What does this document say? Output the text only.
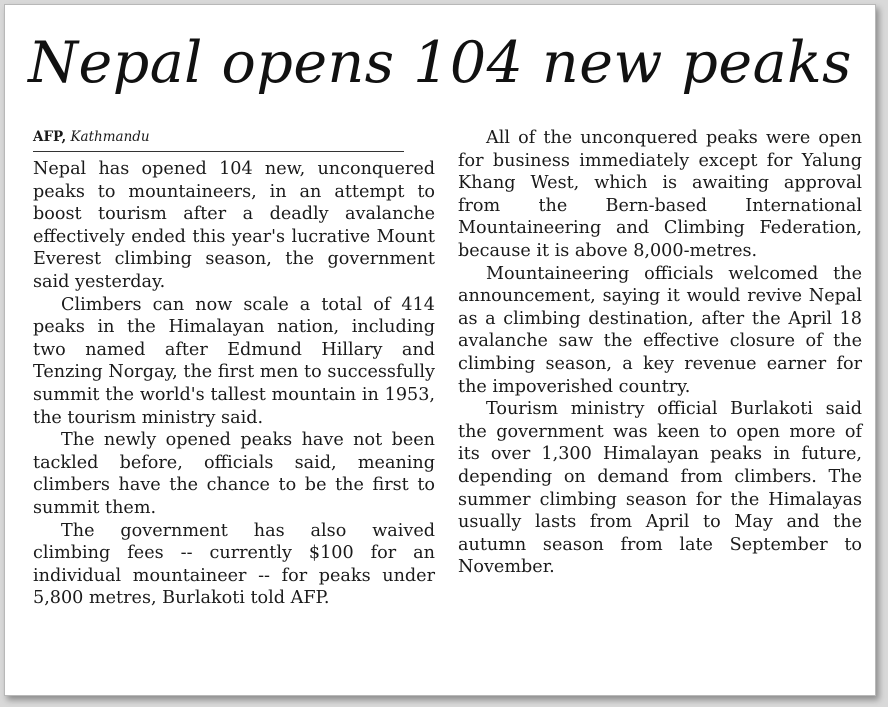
Nepal opens 104 new peaks
AFP, Kathmandu

Nepal has opened 104 new, unconquered peaks to mountaineers, in an attempt to boost tourism after a deadly avalanche effectively ended this year's lucrative Mount Everest climbing season, the government said yesterday.

Climbers can now scale a total of 414 peaks in the Himalayan nation, including two named after Edmund Hillary and Tenzing Norgay, the first men to successfully summit the world's tallest mountain in 1953, the tourism ministry said.

The newly opened peaks have not been tackled before, officials said, meaning climbers have the chance to be the first to summit them.

The government has also waived climbing fees -- currently $100 for an individual mountaineer -- for peaks under 5,800 metres, Burlakoti told AFP.

All of the unconquered peaks were open for business immediately except for Yalung Khang West, which is awaiting approval from the Bern-based International Mountaineering and Climbing Federation, because it is above 8,000-metres.

Mountaineering officials welcomed the announcement, saying it would revive Nepal as a climbing destination, after the April 18 avalanche saw the effective closure of the climbing season, a key revenue earner for the impoverished country.

Tourism ministry official Burlakoti said the government was keen to open more of its over 1,300 Himalayan peaks in future, depending on demand from climbers. The summer climbing season for the Himalayas usually lasts from April to May and the autumn season from late September to November.
